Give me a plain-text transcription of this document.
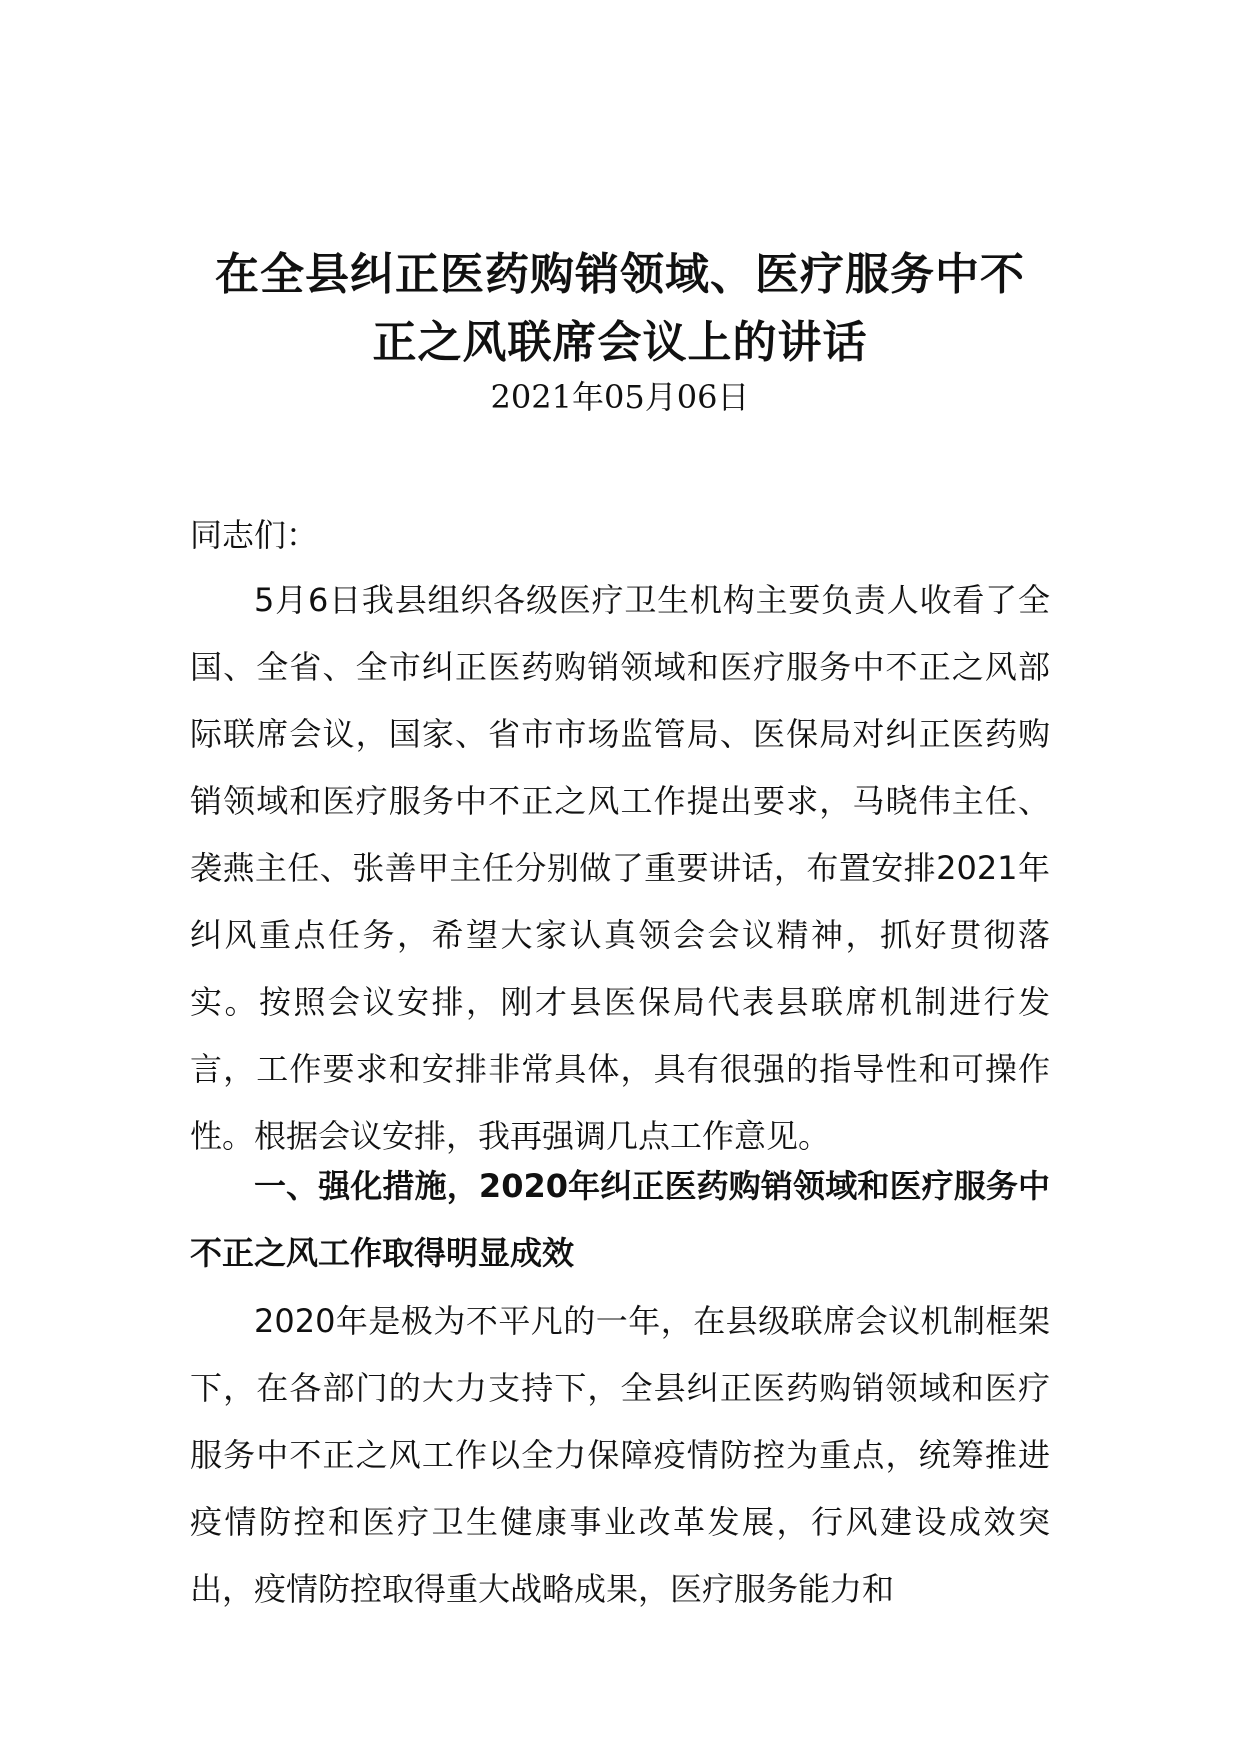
在全县纠正医药购销领域、医疗服务中不
正之风联席会议上的讲话
2021年05月06日

同志们：

5月6日我县组织各级医疗卫生机构主要负责人收看了全国、全省、全市纠正医药购销领域和医疗服务中不正之风部际联席会议，国家、省市市场监管局、医保局对纠正医药购销领域和医疗服务中不正之风工作提出要求，马晓伟主任、袭燕主任、张善甲主任分别做了重要讲话，布置安排2021年纠风重点任务，希望大家认真领会会议精神，抓好贯彻落实。按照会议安排，刚才县医保局代表县联席机制进行发言，工作要求和安排非常具体，具有很强的指导性和可操作性。根据会议安排，我再强调几点工作意见。

一、强化措施，2020年纠正医药购销领域和医疗服务中不正之风工作取得明显成效

2020年是极为不平凡的一年，在县级联席会议机制框架下，在各部门的大力支持下，全县纠正医药购销领域和医疗服务中不正之风工作以全力保障疫情防控为重点，统筹推进疫情防控和医疗卫生健康事业改革发展，行风建设成效突出，疫情防控取得重大战略成果，医疗服务能力和
